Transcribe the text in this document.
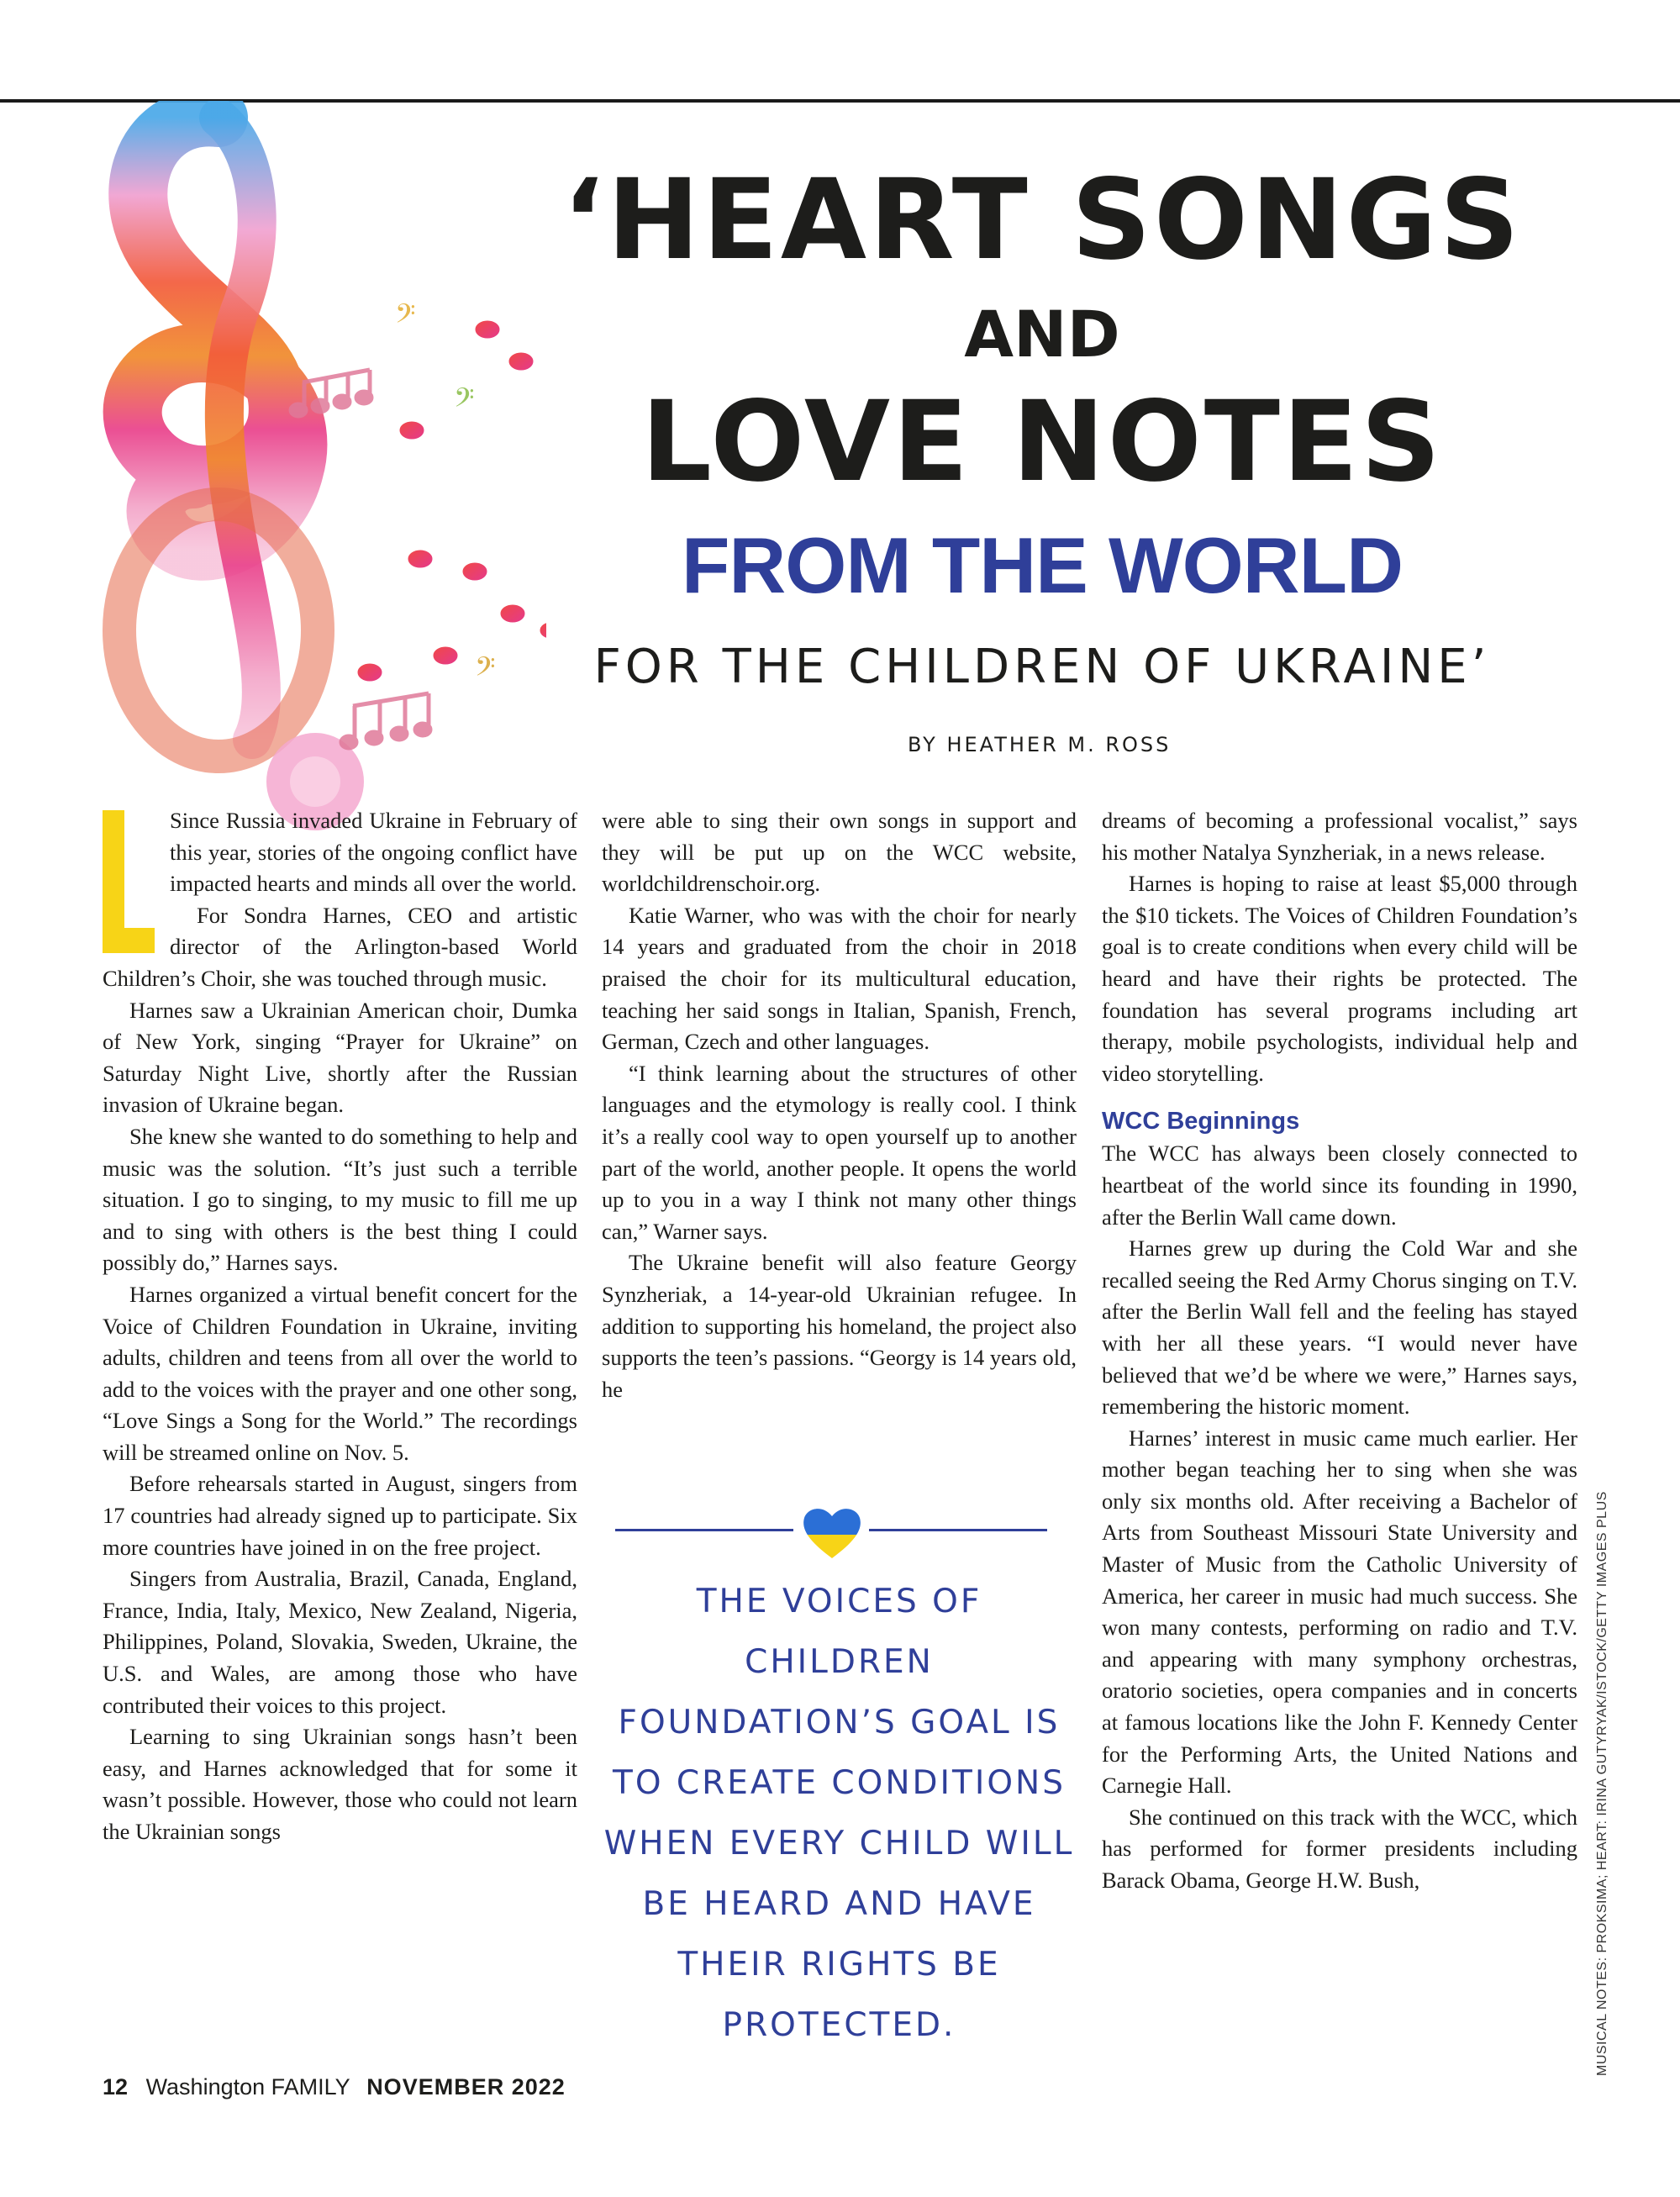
𝄢
𝄢
𝄢
‘HEART SONGS
AND
LOVE NOTES
FROM THE WORLD
FOR THE CHILDREN OF UKRAINE’

BY HEATHER M. ROSS

Since Russia invaded Ukraine in February of this year, stories of the ongoing conflict have impacted hearts and minds all over the world.

For Sondra Harnes, CEO and artistic director of the Arlington-based World Children’s Choir, she was touched through music.

Harnes saw a Ukrainian American choir, Dumka of New York, singing “Prayer for Ukraine” on Saturday Night Live, shortly after the Russian invasion of Ukraine began.

She knew she wanted to do something to help and music was the solution. “It’s just such a terrible situation. I go to singing, to my music to fill me up and to sing with others is the best thing I could possibly do,” Harnes says.

Harnes organized a virtual benefit concert for the Voice of Children Foundation in Ukraine, inviting adults, children and teens from all over the world to add to the voices with the prayer and one other song, “Love Sings a Song for the World.” The recordings will be streamed online on Nov. 5.

Before rehearsals started in August, singers from 17 countries had already signed up to participate. Six more countries have joined in on the free project.

Singers from Australia, Brazil, Canada, England, France, India, Italy, Mexico, New Zealand, Nigeria, Philippines, Poland, Slovakia, Sweden, Ukraine, the U.S. and Wales, are among those who have contributed their voices to this project.

Learning to sing Ukrainian songs hasn’t been easy, and Harnes acknowledged that for some it wasn’t possible. However, those who could not learn the Ukrainian songs

were able to sing their own songs in support and they will be put up on the WCC website, worldchildrenschoir.org.

Katie Warner, who was with the choir for nearly 14 years and graduated from the choir in 2018 praised the choir for its multicultural education, teaching her said songs in Italian, Spanish, French, German, Czech and other languages.

“I think learning about the structures of other languages and the etymology is really cool. I think it’s a really cool way to open yourself up to another part of the world, another people. It opens the world up to you in a way I think not many other things can,” Warner says.

The Ukraine benefit will also feature Georgy Synzheriak, a 14-year-old Ukrainian refugee. In addition to supporting his homeland, the project also supports the teen’s passions. “Georgy is 14 years old, he

THE VOICES OF CHILDREN FOUNDATION’S GOAL IS TO CREATE CONDITIONS WHEN EVERY CHILD WILL BE HEARD AND HAVE THEIR RIGHTS BE PROTECTED.

dreams of becoming a professional vocalist,” says his mother Natalya Synzheriak, in a news release.

Harnes is hoping to raise at least $5,000 through the $10 tickets. The Voices of Children Foundation’s goal is to create conditions when every child will be heard and have their rights be protected. The foundation has several programs including art therapy, mobile psychologists, individual help and video storytelling.

WCC Beginnings

The WCC has always been closely connected to heartbeat of the world since its founding in 1990, after the Berlin Wall came down.

Harnes grew up during the Cold War and she recalled seeing the Red Army Chorus singing on T.V. after the Berlin Wall fell and the feeling has stayed with her all these years. “I would never have believed that we’d be where we were,” Harnes says, remembering the historic moment.

Harnes’ interest in music came much earlier. Her mother began teaching her to sing when she was only six months old. After receiving a Bachelor of Arts from Southeast Missouri State University and Master of Music from the Catholic University of America, her career in music had much success. She won many contests, performing on radio and T.V. and appearing with many symphony orchestras, oratorio societies, opera companies and in concerts at famous locations like the John F. Kennedy Center for the Performing Arts, the United Nations and Carnegie Hall.

She continued on this track with the WCC, which has performed for former presidents including Barack Obama, George H.W. Bush,	MUSICAL NOTES: PROKSIMA; HEART: IRINA GUTYRYAK/ISTOCK/GETTY IMAGES PLUS

12 Washington FAMILY NOVEMBER 2022
